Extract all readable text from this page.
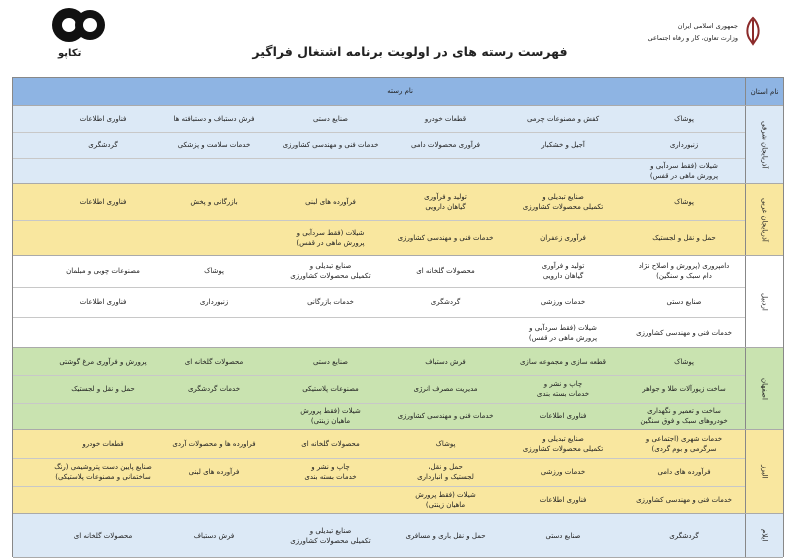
تکاپو	فهرست رسته های در اولویت برنامه اشتغال فراگیر
جمهوری اسلامی ایران
وزارت تعاون، کار و رفاه اجتماعی
نام استان
نام رسته
آذربایجان شرقی
پوشاک
کفش و مصنوعات چرمی
قطعات خودرو
صنایع دستی
فرش دستباف و دستبافته ها
فناوری اطلاعات
زنبورداری
آجیل و خشکبار
فرآوری محصولات دامی
خدمات فنی و مهندسی کشاورزی
خدمات سلامت و پزشکی
گردشگری
شیلات (فقط سردآبی و
پرورش ماهی در قفس)
آذربایجان غربی
پوشاک
صنایع تبدیلی و
تکمیلی محصولات کشاورزی
تولید و فرآوری
گیاهان دارویی
فرآورده های لبنی
بازرگانی و پخش
فناوری اطلاعات
حمل و نقل و لجستیک
فرآوری زعفران
خدمات فنی و مهندسی کشاورزی
شیلات (فقط سردآبی و
پرورش ماهی در قفس)
اردبیل
دامپروری (پرورش و اصلاح نژاد
دام سبک و سنگین)
تولید و فرآوری
گیاهان دارویی
محصولات گلخانه ای
صنایع تبدیلی و
تکمیلی محصولات کشاورزی
پوشاک
مصنوعات چوبی و مبلمان
صنایع دستی
خدمات ورزشی
گردشگری
خدمات بازرگانی
زنبورداری
فناوری اطلاعات
خدمات فنی و مهندسی کشاورزی
شیلات (فقط سردآبی و
پرورش ماهی در قفس)
اصفهان
پوشاک
قطعه سازی و مجموعه سازی
فرش دستباف
صنایع دستی
محصولات گلخانه ای
پرورش و فرآوری مرغ گوشتی
ساخت زیورآلات طلا و جواهر
چاپ و نشر و
خدمات بسته بندی
مدیریت مصرف انرژی
مصنوعات پلاستیکی
خدمات گردشگری
حمل و نقل و لجستیک
ساخت و تعمیر و نگهداری
خودروهای سبک و فوق سنگین
فناوری اطلاعات
خدمات فنی و مهندسی کشاورزی
شیلات (فقط پرورش
ماهیان زینتی)
البرز
خدمات شهری (اجتماعی و
سرگرمی و بوم گردی)
صنایع تبدیلی و
تکمیلی محصولات کشاورزی
پوشاک
محصولات گلخانه ای
فراورده ها و محصولات آردی
قطعات خودرو
فرآورده های دامی
خدمات ورزشی
حمل و نقل،
لجستیک و انبارداری
چاپ و نشر و
خدمات بسته بندی
فرآورده های لبنی
صنایع پایین دست پتروشیمی (رنگ
ساختمانی و مصنوعات پلاستیکی)
خدمات فنی و مهندسی کشاورزی
فناوری اطلاعات
شیلات (فقط پرورش
ماهیان زینتی)
ایلام
گردشگری
صنایع دستی
حمل و نقل باری و مسافری
صنایع تبدیلی و
تکمیلی محصولات کشاورزی
فرش دستباف
محصولات گلخانه ای
